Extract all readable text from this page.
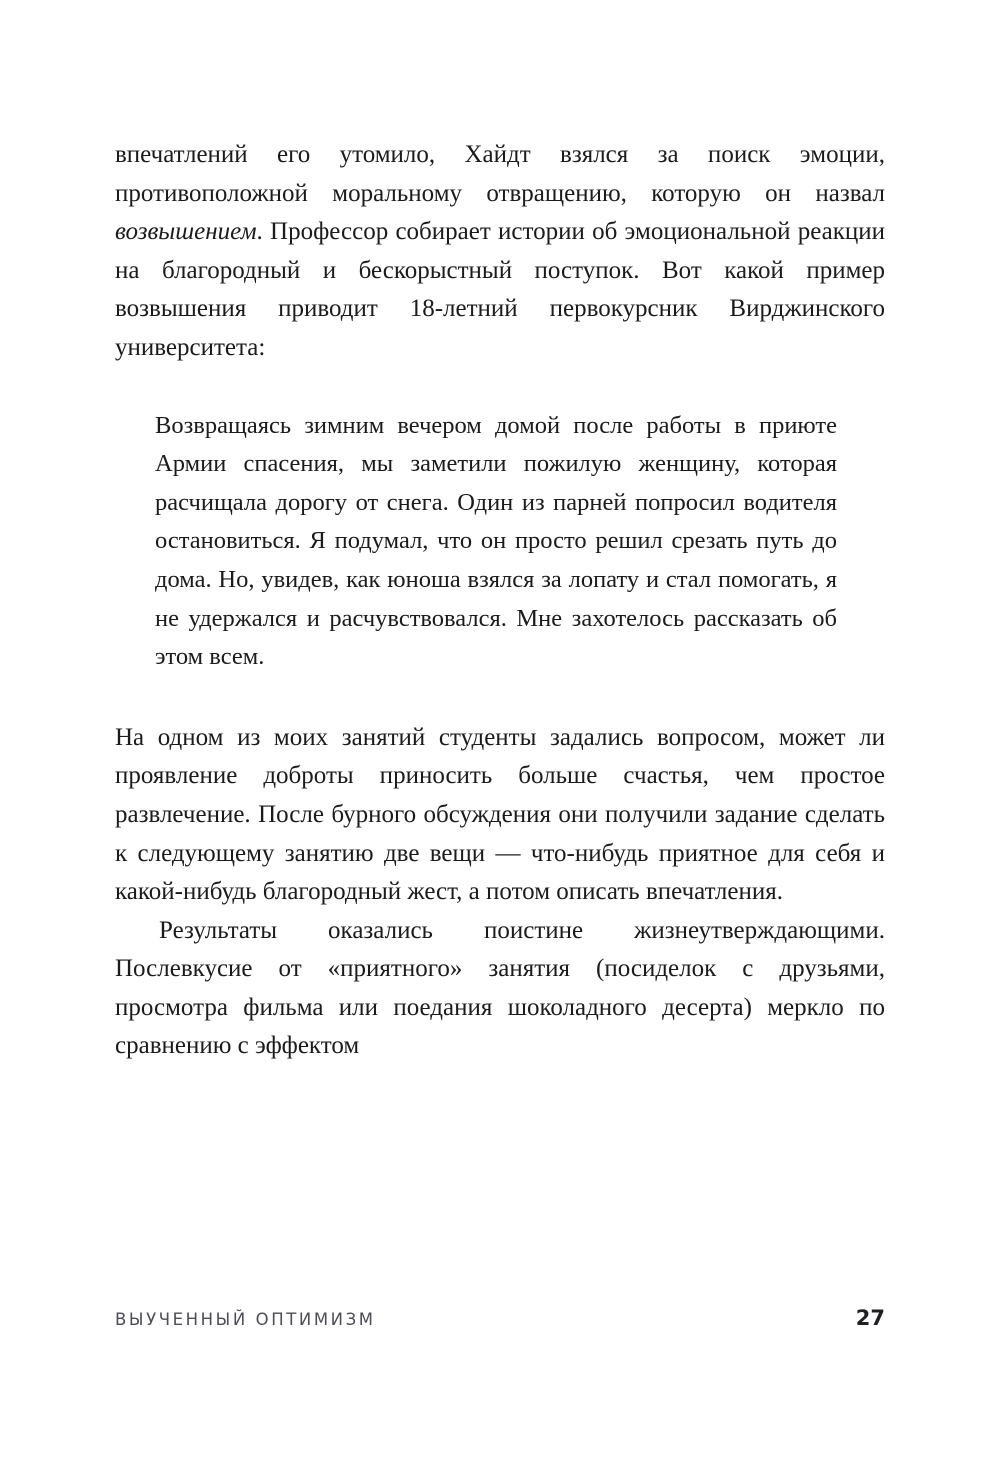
впечатлений его утомило, Хайдт взялся за поиск эмоции, противоположной моральному отвращению, которую он назвал возвышением. Профессор собирает истории об эмоциональной реакции на благородный и бескорыстный поступок. Вот какой пример возвышения приводит 18-летний первокурсник Вирджинского университета:

Возвращаясь зимним вечером домой после работы в приюте Армии спасения, мы заметили пожилую женщину, которая расчищала дорогу от снега. Один из парней попросил водителя остановиться. Я подумал, что он просто решил срезать путь до дома. Но, увидев, как юноша взялся за лопату и стал помогать, я не удержался и расчувствовался. Мне захотелось рассказать об этом всем.

На одном из моих занятий студенты задались вопросом, может ли проявление доброты приносить больше счастья, чем простое развлечение. После бурного обсуждения они получили задание сделать к следующему занятию две вещи — что-нибудь приятное для себя и какой-нибудь благородный жест, а потом описать впечатления.

Результаты оказались поистине жизнеутверждающими. Послевкусие от «приятного» занятия (посиделок с друзьями, просмотра фильма или поедания шоколадного десерта) меркло по сравнению с эффектом

ВЫУЧЕННЫЙ ОПТИМИЗМ	27
